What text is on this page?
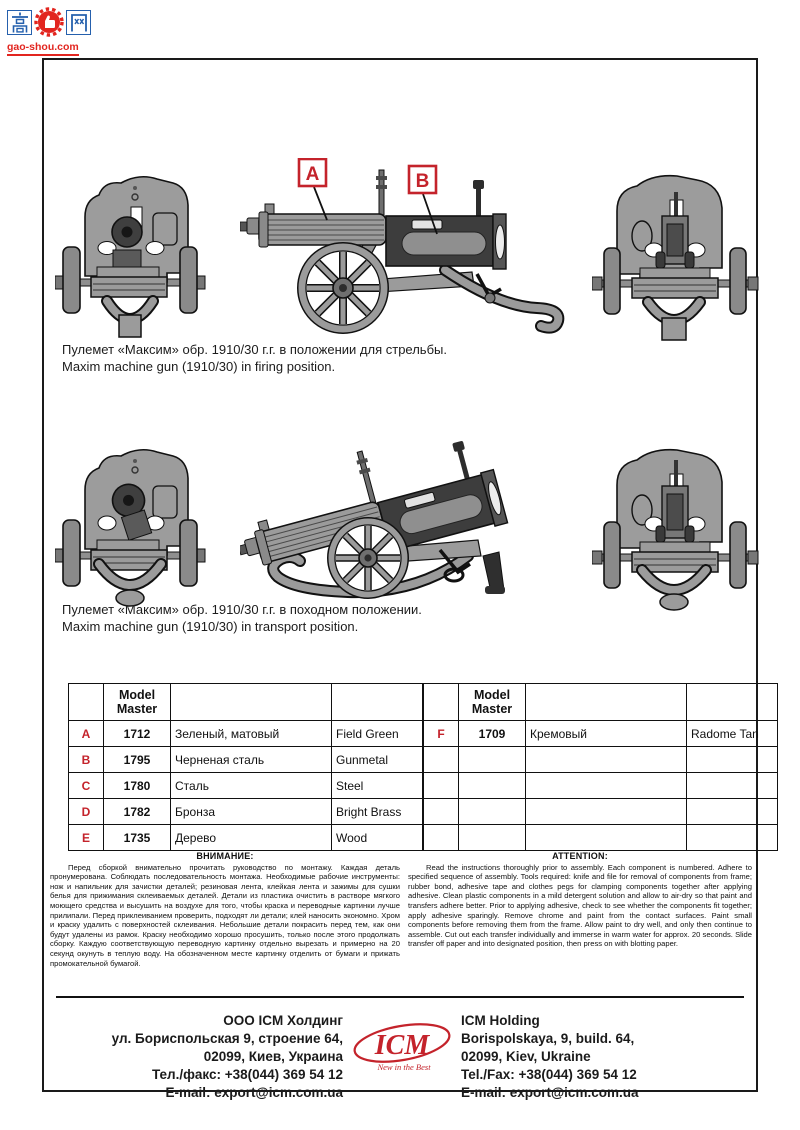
gao-shou.com
A	B
Пулемет «Максим» обр. 1910/30 г.г. в положении для стрельбы.
Maxim machine gun (1910/30) in firing position.
Пулемет «Максим» обр. 1910/30 г.г. в походном положении.
Maxim machine gun (1910/30) in transport position.
	Model Master		
A	1712	Зеленый, матовый	Field Green
B	1795	Черненая сталь	Gunmetal
C	1780	Сталь	Steel
D	1782	Бронза	Bright Brass
E	1735	Дерево	Wood
	Model Master		
F	1709	Кремовый	Radome Tan

ВНИМАНИЕ:

Перед сборкой внимательно прочитать руководство по монтажу. Каждая деталь пронумерована. Соблюдать последовательность монтажа. Необходимые рабочие инструменты: нож и напильник для зачистки деталей; резиновая лента, клейкая лента и зажимы для сушки белья для прижимания склеиваемых деталей. Детали из пластика очистить в растворе мягкого моющего средства и высушить на воздухе для того, чтобы краска и переводные картинки лучше прилипали. Перед приклеиванием проверить, подходят ли детали; клей наносить экономно. Хром и краску удалить с поверхностей склеивания. Небольшие детали покрасить перед тем, как они будут удалены из рамок. Краску необходимо хорошо просушить, только после этого продолжать сборку. Каждую соответствующую переводную картинку отдельно вырезать и примерно на 20 секунд окунуть в теплую воду. На обозначенном месте картинку отделить от бумаги и прижать промокательной бумагой.

ATTENTION:

Read the instructions thoroughly prior to assembly. Each component is numbered. Adhere to specified sequence of assembly. Tools required: knife and file for removal of components from frame; rubber bond, adhesive tape and clothes pegs for clamping components together after applying adhesive. Clean plastic components in a mild detergent solution and allow to air-dry so that paint and transfers adhere better. Prior to applying adhesive, check to see whether the components fit together; apply adhesive sparingly. Remove chrome and paint from the contact surfaces. Paint small components before removing them from the frame. Allow paint to dry well, and only then continue to assemble. Cut out each transfer individually and immerse in warm water for approx. 20 seconds. Slide transfer off paper and into designated position, then press on with blotting paper.

ООО ICM Холдинг
ул. Бориспольская 9, строение 64,
02099, Киев, Украина
Тел./факс: +38(044) 369 54 12
E-mail: export@icm.com.ua
ICM
New in the Best
ICM Holding
Borispolskaya, 9, build. 64,
02099, Kiev, Ukraine
Tel./Fax: +38(044) 369 54 12
E-mail: export@icm.com.ua
